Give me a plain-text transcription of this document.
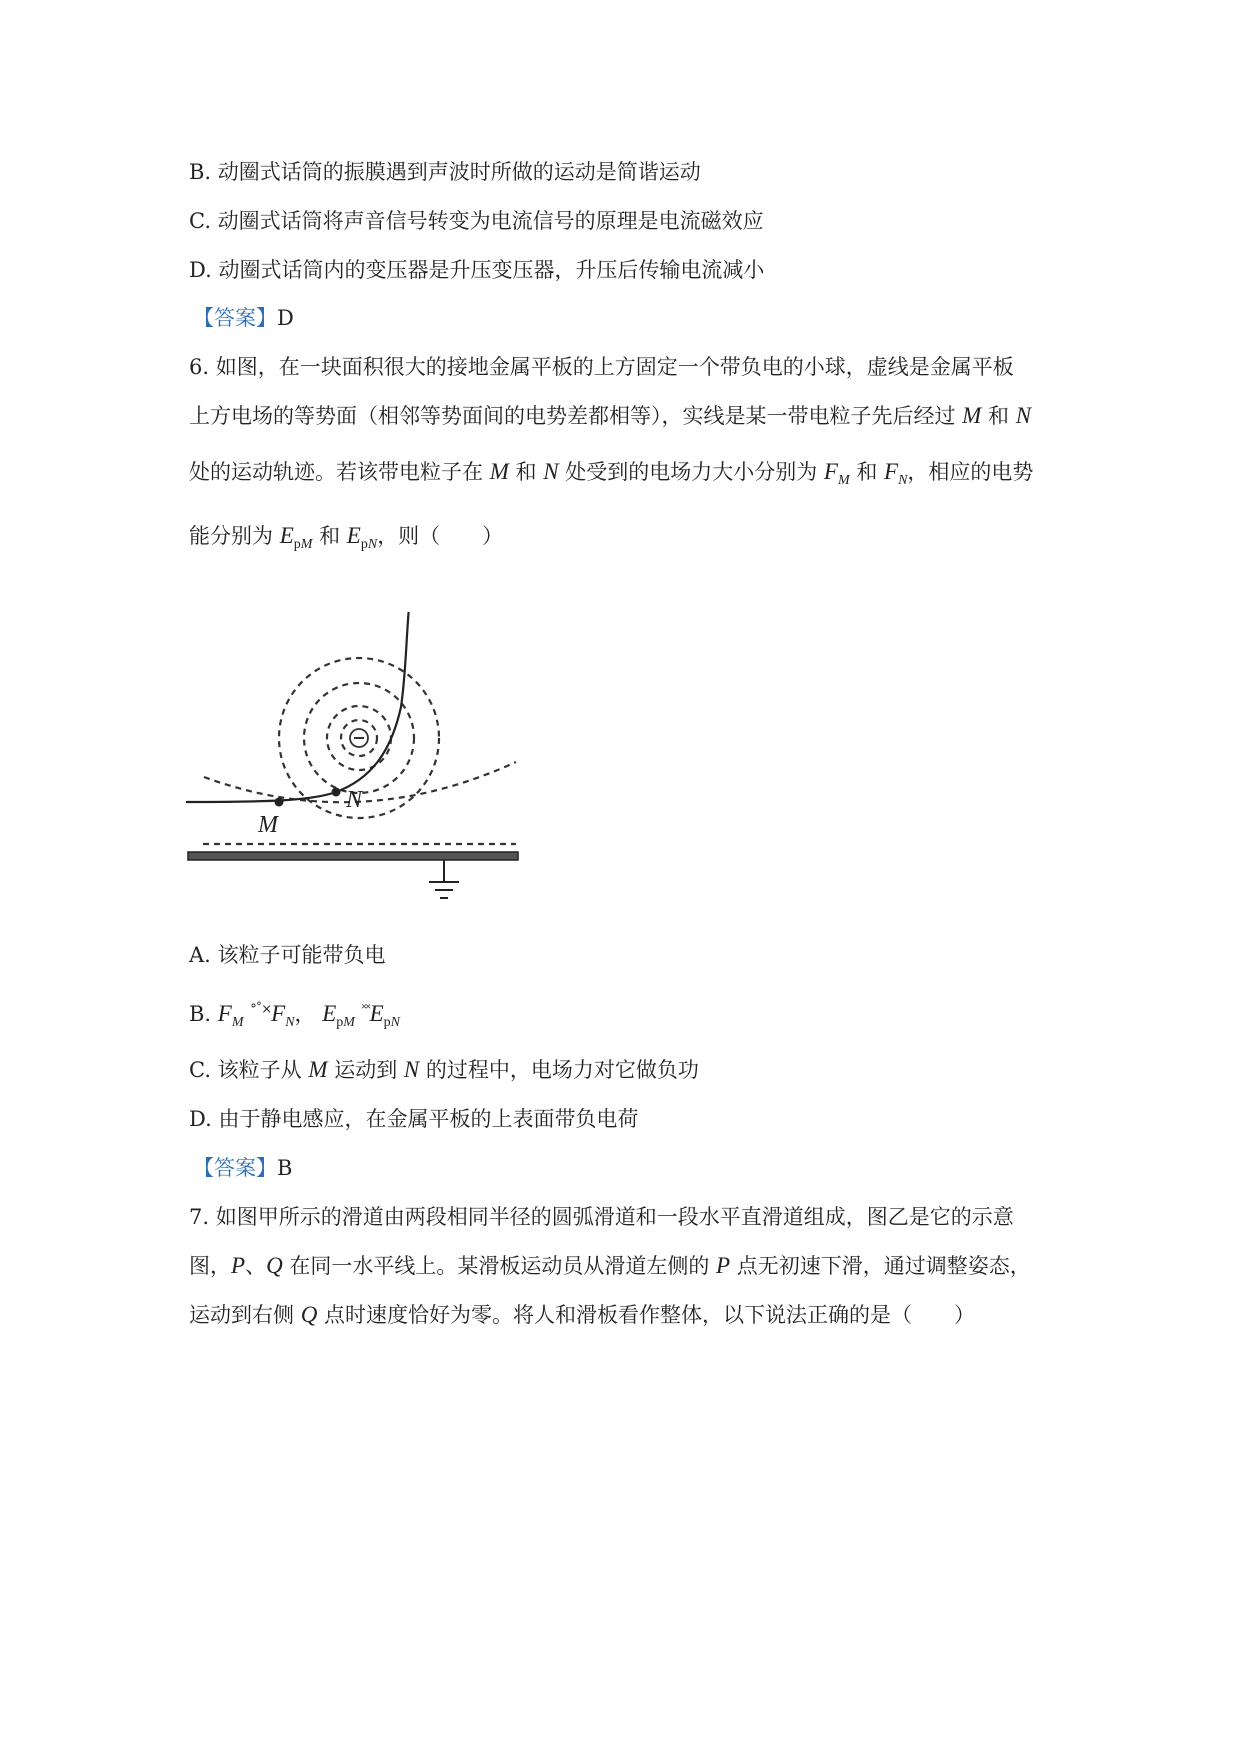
B. 动圈式话筒的振膜遇到声波时所做的运动是简谐运动
C. 动圈式话筒将声音信号转变为电流信号的原理是电流磁效应
D. 动圈式话筒内的变压器是升压变压器，升压后传输电流减小
【答案】D
6. 如图，在一块面积很大的接地金属平板的上方固定一个带负电的小球，虚线是金属平板
上方电场的等势面（相邻等势面间的电势差都相等），实线是某一带电粒子先后经过 M 和 N
处的运动轨迹。若该带电粒子在 M 和 N 处受到的电场力大小分别为 $F_M$ 和 $F_N$，相应的电势
能分别为 $E_{pM}$ 和 $E_{pN}$，则（　　）
M
N
A. 该粒子可能带负电
B. $F_M$ $^{^\circ˚\times}F_N$， $E_{pM}$ $^{˟˟}E_{pN}$
C. 该粒子从 M 运动到 N 的过程中，电场力对它做负功
D. 由于静电感应，在金属平板的上表面带负电荷
【答案】B
7. 如图甲所示的滑道由两段相同半径的圆弧滑道和一段水平直滑道组成，图乙是它的示意
图，P、Q 在同一水平线上。某滑板运动员从滑道左侧的 P 点无初速下滑，通过调整姿态，
运动到右侧 Q 点时速度恰好为零。将人和滑板看作整体，以下说法正确的是（　　）
